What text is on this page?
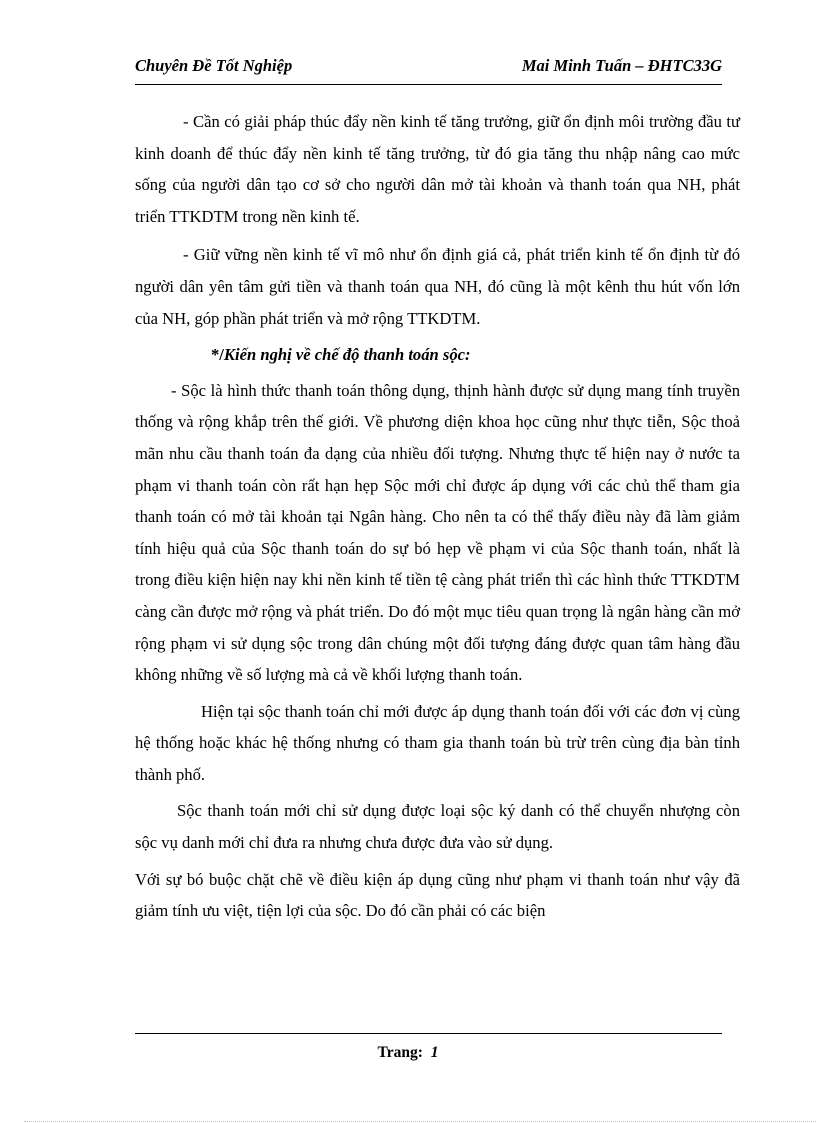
Chuyên Đề Tốt Nghiệp	Mai Minh Tuấn – ĐHTC33G

- Cần có giải pháp thúc đẩy nền kinh tế tăng trưởng, giữ ổn định môi trường đầu tư kinh doanh để thúc đẩy nền kinh tế tăng trưởng, từ đó gia tăng thu nhập nâng cao mức sống của người dân tạo cơ sở cho người dân mở tài khoản và thanh toán qua NH, phát triển TTKDTM trong nền kinh tế.

- Giữ vững nền kinh tế vĩ mô như ổn định giá cả, phát triển kinh tế ổn định từ đó người dân yên tâm gửi tiền và thanh toán qua NH, đó cũng là một kênh thu hút vốn lớn của NH, góp phần phát triển và mở rộng TTKDTM.

*/Kiến nghị về chế độ thanh toán sộc:

- Sộc là hình thức thanh toán thông dụng, thịnh hành được sử dụng mang tính truyền thống và rộng khắp trên thế giới. Về phương diện khoa học cũng như thực tiễn, Sộc thoả mãn nhu cầu thanh toán đa dạng của nhiều đối tượng. Nhưng thực tế hiện nay ở nước ta phạm vi thanh toán còn rất hạn hẹp Sộc mới chỉ được áp dụng với các chủ thể tham gia thanh toán có mở tài khoản tại Ngân hàng. Cho nên ta có thể thấy điều này đã làm giảm tính hiệu quả của Sộc thanh toán do sự bó hẹp về phạm vi của Sộc thanh toán, nhất là trong điều kiện hiện nay khi nền kinh tế tiền tệ càng phát triển thì các hình thức TTKDTM càng cần được mở rộng và phát triển. Do đó một mục tiêu quan trọng là ngân hàng cần mở rộng phạm vi sử dụng sộc trong dân chúng một đối tượng đáng được quan tâm hàng đầu không những về số lượng mà cả về khối lượng thanh toán.

Hiện tại sộc thanh toán chỉ mới được áp dụng thanh toán đối với các đơn vị cùng hệ thống hoặc khác hệ thống nhưng có tham gia thanh toán bù trừ trên cùng địa bàn tỉnh thành phố.

Sộc thanh toán mới chỉ sử dụng được loại sộc ký danh có thể chuyển nhượng còn sộc vụ danh mới chỉ đưa ra nhưng chưa được đưa vào sử dụng.

Với sự bó buộc chặt chẽ về điều kiện áp dụng cũng như phạm vi thanh toán như vậy đã giảm tính ưu việt, tiện lợi của sộc. Do đó cần phải có các biện

Trang: 1
